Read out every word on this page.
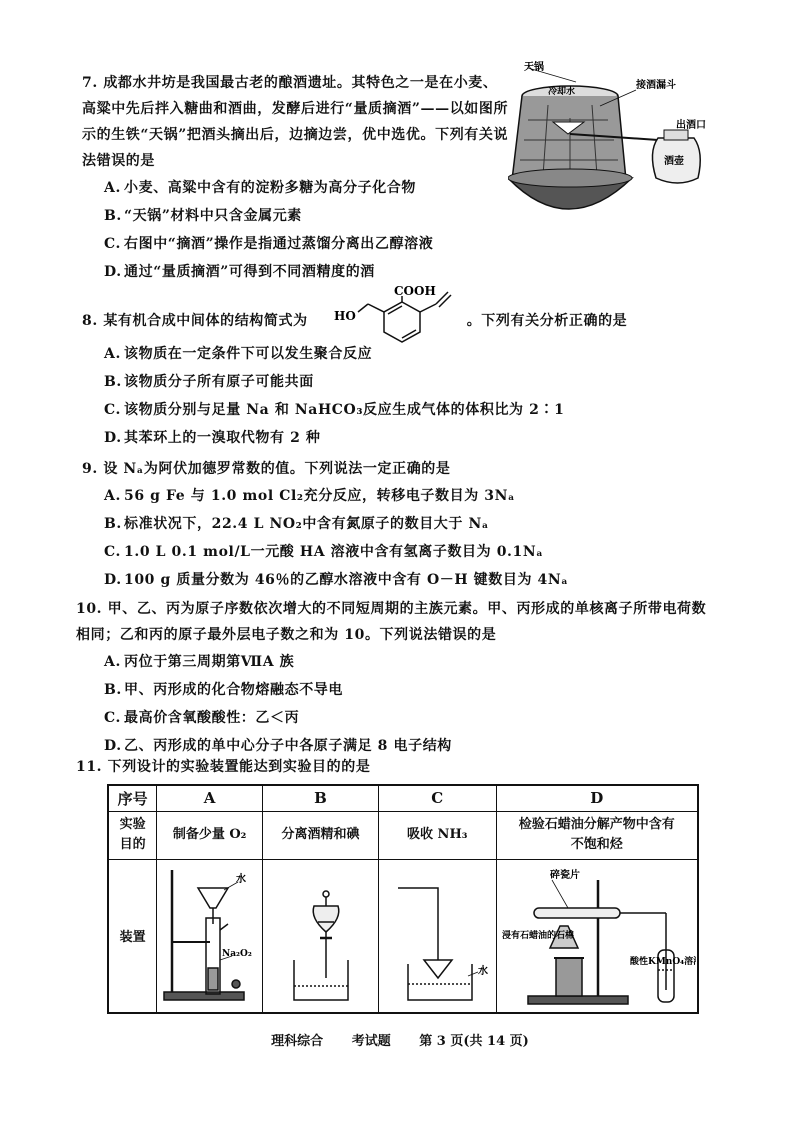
7. 成都水井坊是我国最古老的酿酒遗址。其特色之一是在小麦、高粱中先后拌入糖曲和酒曲，发酵后进行“量质摘酒”——以如图所示的生铁“天锅”把酒头摘出后，边摘边尝，优中选优。下列有关说法错误的是
A. 小麦、高粱中含有的淀粉多糖为高分子化合物
B. “天锅”材料中只含金属元素
C. 右图中“摘酒”操作是指通过蒸馏分离出乙醇溶液
D. 通过“量质摘酒”可得到不同酒精度的酒
天锅
冷却水
接酒漏斗
出酒口
酒壶
8. 某有机合成中间体的结构简式为	。下列有关分析正确的是
A. 该物质在一定条件下可以发生聚合反应
B. 该物质分子所有原子可能共面
C. 该物质分别与足量 Na 和 NaHCO₃反应生成气体的体积比为 2∶1
D. 其苯环上的一溴取代物有 2 种
COOH
HO
9. 设 Nₐ为阿伏加德罗常数的值。下列说法一定正确的是
A. 56 g Fe 与 1.0 mol Cl₂充分反应，转移电子数目为 3Nₐ
B. 标准状况下，22.4 L NO₂中含有氮原子的数目大于 Nₐ
C. 1.0 L 0.1 mol/L一元酸 HA 溶液中含有氢离子数目为 0.1Nₐ
D. 100 g 质量分数为 46％的乙醇水溶液中含有 O－H 键数目为 4Nₐ
10. 甲、乙、丙为原子序数依次增大的不同短周期的主族元素。甲、丙形成的单核离子所带电荷数相同；乙和丙的原子最外层电子数之和为 10。下列说法错误的是
A. 丙位于第三周期第ⅦA 族
B. 甲、丙形成的化合物熔融态不导电
C. 最高价含氧酸酸性：乙＜丙
D. 乙、丙形成的单中心分子中各原子满足 8 电子结构
11. 下列设计的实验装置能达到实验目的的是
序号	A	B	C	D
实验目的	制备少量 O₂	分离酒精和碘	吸收 NH₃	检验石蜡油分解产物中含有不饱和烃
装置	水
Na₂O₂		水	碎瓷片
浸有石蜡油的石棉
酸性KMnO₄溶液
理科综合 考试题 第 3 页(共 14 页)
